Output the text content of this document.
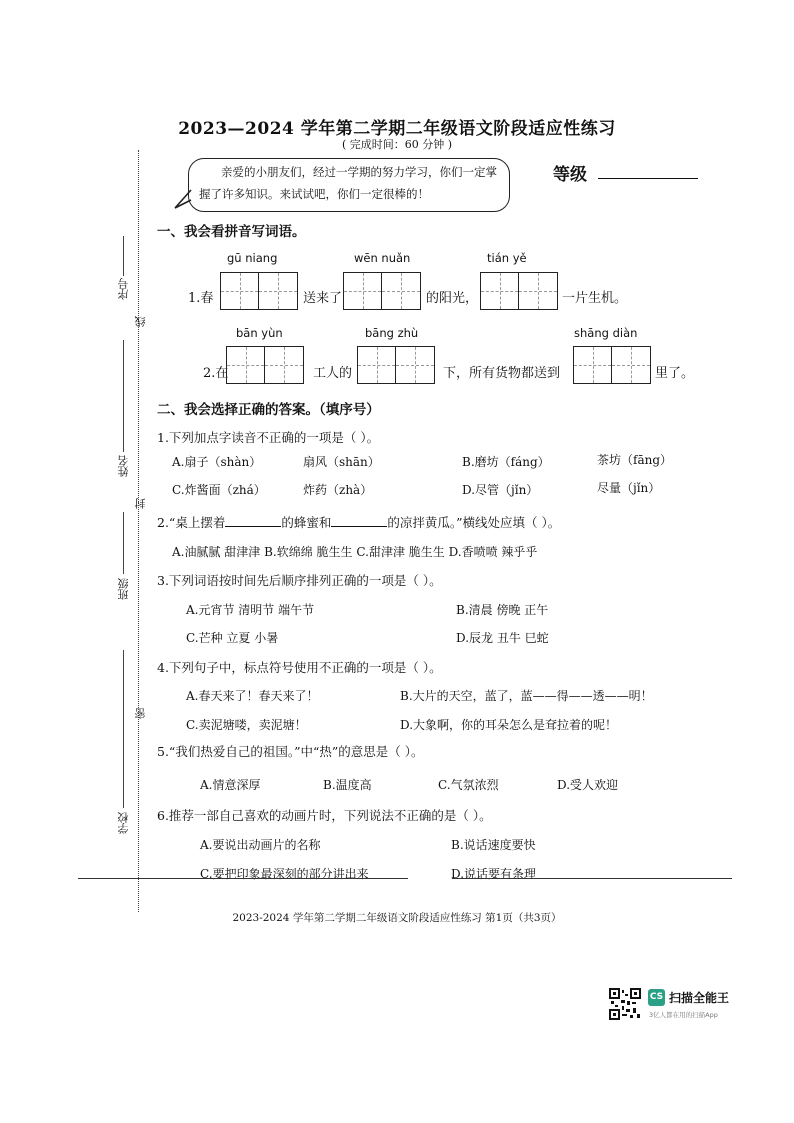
序号
线
姓名
封
班级
密
学校
2023—2024 学年第二学期二年级语文阶段适应性练习
( 完成时间：60 分钟 )
亲爱的小朋友们，经过一学期的努力学习，你们一定掌握了许多知识。来试试吧，你们一定很棒的！
等级
一、我会看拼音写词语。
gū niang	wēn nuǎn	tián yě
1.春	送来了	的阳光，	一片生机。
bān yùn	bāng zhù	shāng diàn
2.在	工人的	下，所有货物都送到	里了。
二、我会选择正确的答案。（填序号）
1.下列加点字读音不正确的一项是（ ）。
A.扇子（shàn）	扇风（shān）	B.磨坊（fáng）	茶坊（fāng）
C.炸酱面（zhá）	炸药（zhà）	D.尽管（jǐn）	尽量（jǐn）
2.“桌上摆着	的蜂蜜和	的凉拌黄瓜。”横线处应填（ ）。
A.油腻腻 甜津津 B.软绵绵 脆生生 C.甜津津 脆生生 D.香喷喷 辣乎乎
3.下列词语按时间先后顺序排列正确的一项是（ ）。
A.元宵节 清明节 端午节	B.清晨 傍晚 正午
C.芒种 立夏 小暑	D.辰龙 丑牛 巳蛇
4.下列句子中，标点符号使用不正确的一项是（ ）。
A.春天来了！春天来了！	B.大片的天空，蓝了，蓝——得——透——明！
C.卖泥塘喽，卖泥塘！	D.大象啊，你的耳朵怎么是耷拉着的呢！
5.“我们热爱自己的祖国。”中“热”的意思是（ ）。
A.情意深厚	B.温度高	C.气氛浓烈	D.受人欢迎
6.推荐一部自己喜欢的动画片时，下列说法不正确的是（ ）。
A.要说出动画片的名称	B.说话速度要快
C.要把印象最深刻的部分讲出来	D.说话要有条理
2023-2024 学年第二学期二年级语文阶段适应性练习 第1页（共3页）
CS 扫描全能王
3亿人都在用的扫描App
